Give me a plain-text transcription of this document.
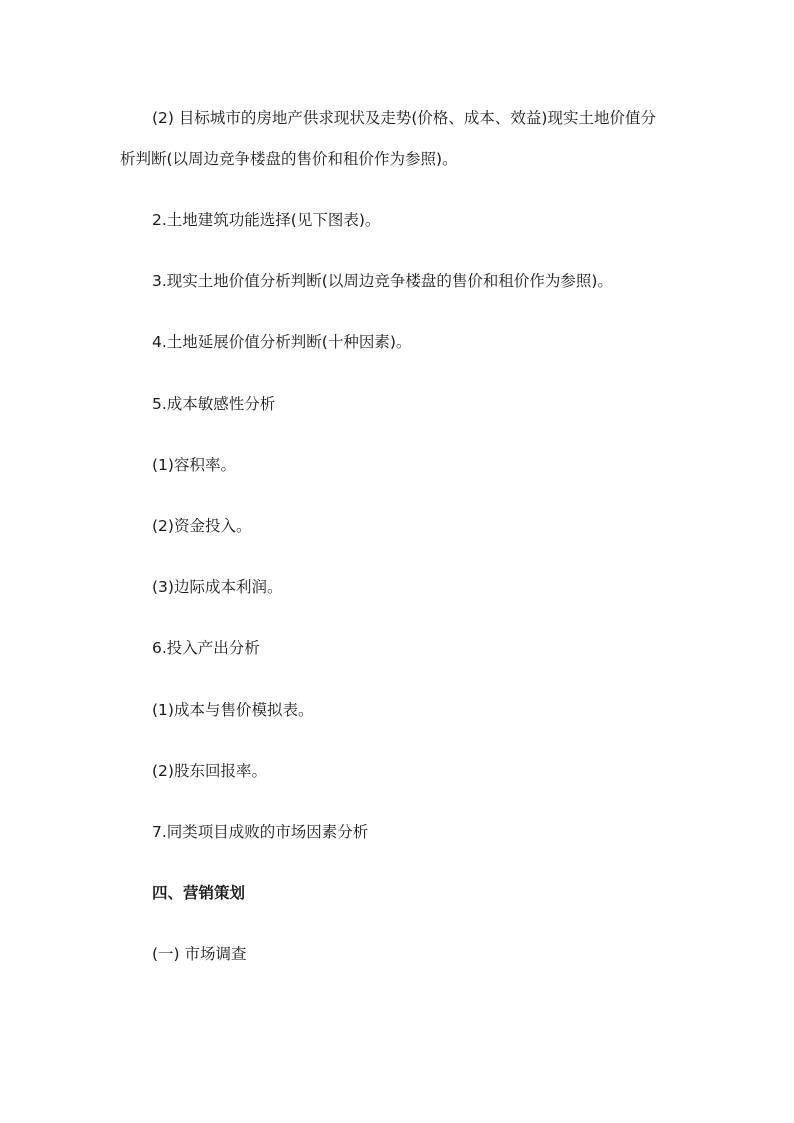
(2) 目标城市的房地产供求现状及走势(价格、成本、效益)现实土地价值分
析判断(以周边竞争楼盘的售价和租价作为参照)。
2.土地建筑功能选择(见下图表)。
3.现实土地价值分析判断(以周边竞争楼盘的售价和租价作为参照)。
4.土地延展价值分析判断(十种因素)。
5.成本敏感性分析
(1)容积率。
(2)资金投入。
(3)边际成本利润。
6.投入产出分析
(1)成本与售价模拟表。
(2)股东回报率。
7.同类项目成败的市场因素分析
四、营销策划
(一) 市场调查
